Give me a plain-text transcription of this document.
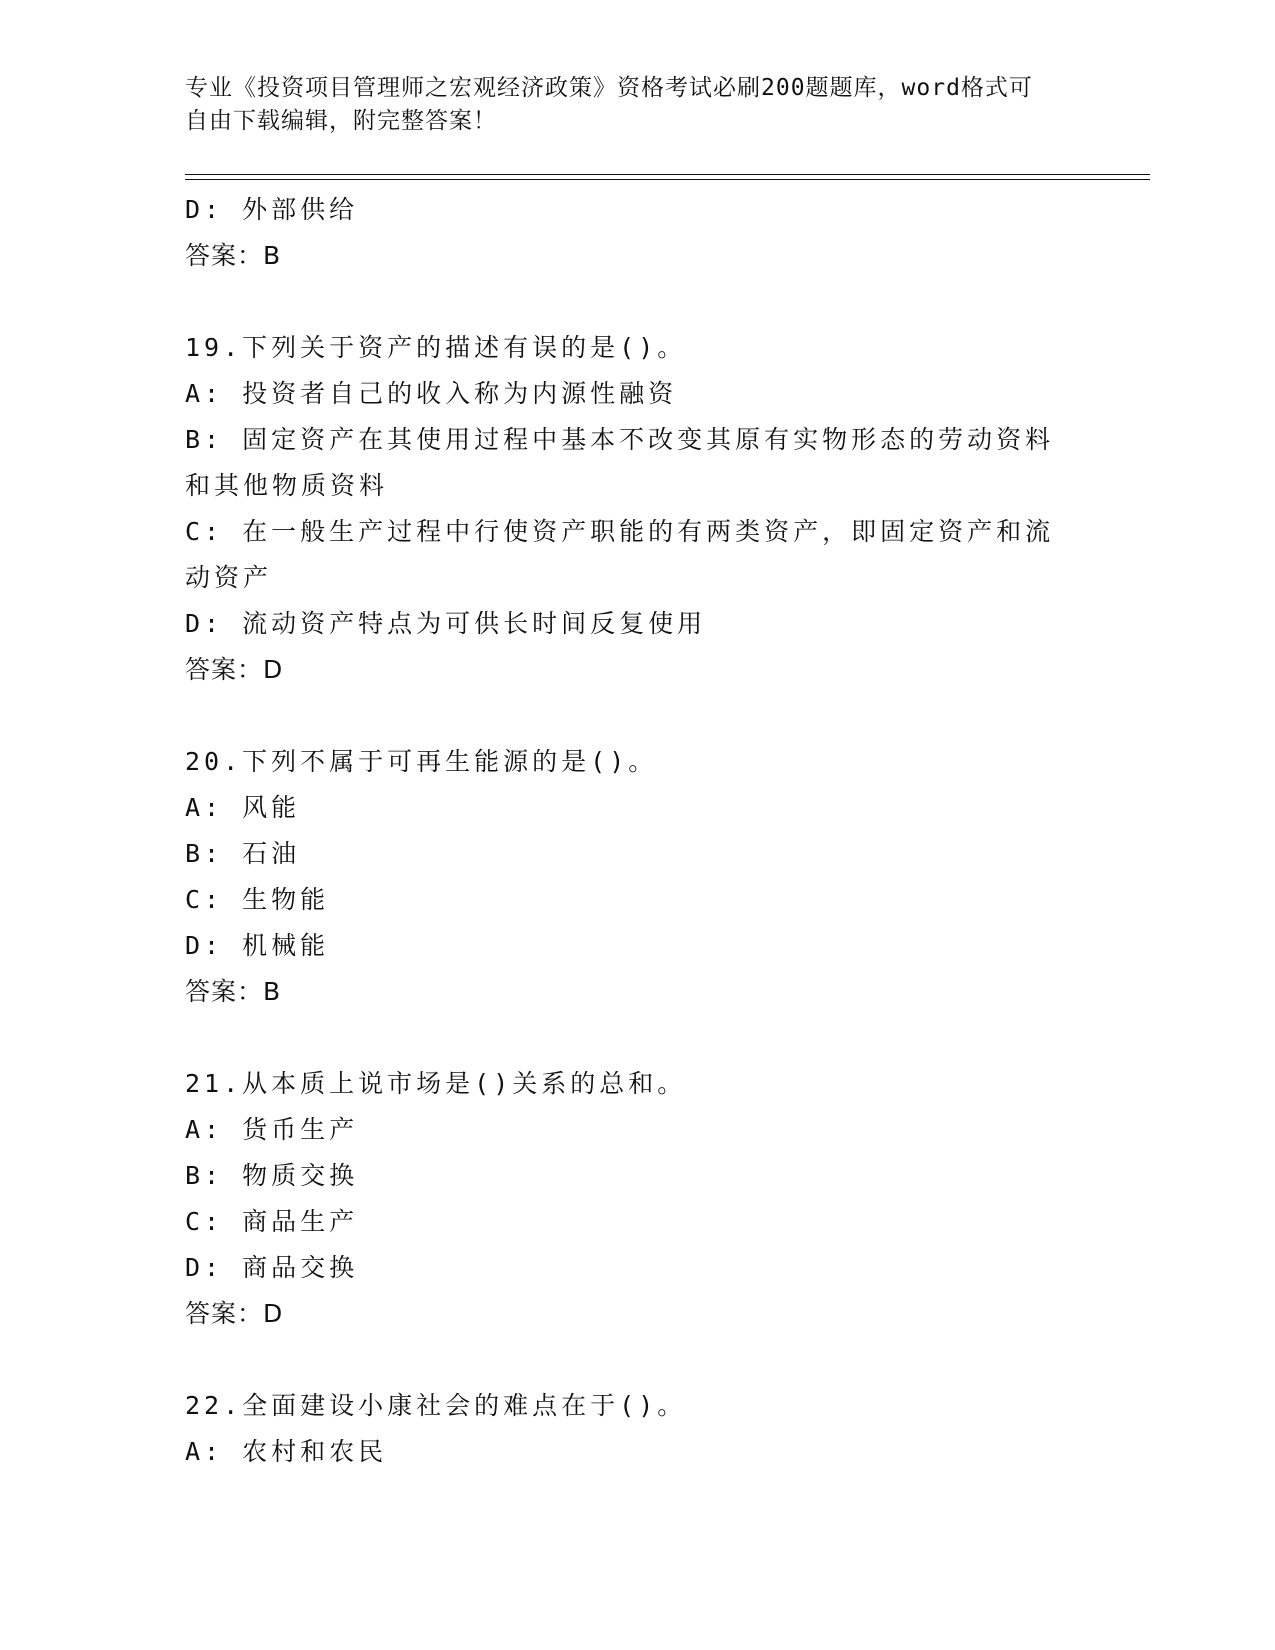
专业《投资项目管理师之宏观经济政策》资格考试必刷200题题库，word格式可
自由下载编辑，附完整答案！
D: 外部供给
答案：B
19.下列关于资产的描述有误的是()。
A: 投资者自己的收入称为内源性融资
B: 固定资产在其使用过程中基本不改变其原有实物形态的劳动资料和其他物质资料
C: 在一般生产过程中行使资产职能的有两类资产，即固定资产和流动资产
D: 流动资产特点为可供长时间反复使用
答案：D
20.下列不属于可再生能源的是()。
A: 风能
B: 石油
C: 生物能
D: 机械能
答案：B
21.从本质上说市场是()关系的总和。
A: 货币生产
B: 物质交换
C: 商品生产
D: 商品交换
答案：D
22.全面建设小康社会的难点在于()。
A: 农村和农民
